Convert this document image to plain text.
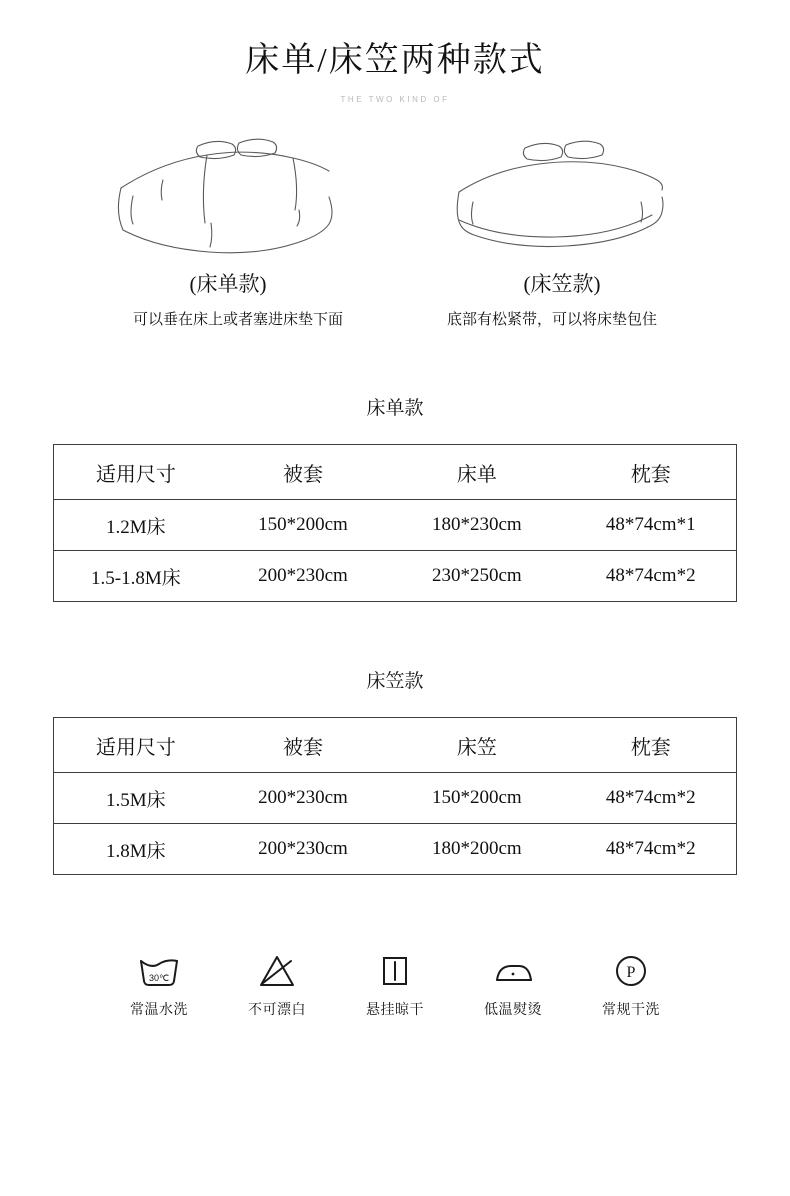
床单/床笠两种款式
THE TWO KIND OF
(床单款)	(床笠款)
可以垂在床上或者塞进床垫下面	底部有松紧带，可以将床垫包住
床单款
适用尺寸	被套	床单	枕套
1.2M床	150*200cm	180*230cm	48*74cm*1
1.5-1.8M床	200*230cm	230*250cm	48*74cm*2
床笠款
适用尺寸	被套	床笠	枕套
1.5M床	200*230cm	150*200cm	48*74cm*2
1.8M床	200*230cm	180*200cm	48*74cm*2
30℃
常温水洗	不可漂白	悬挂晾干	低温熨烫
P
常规干洗
